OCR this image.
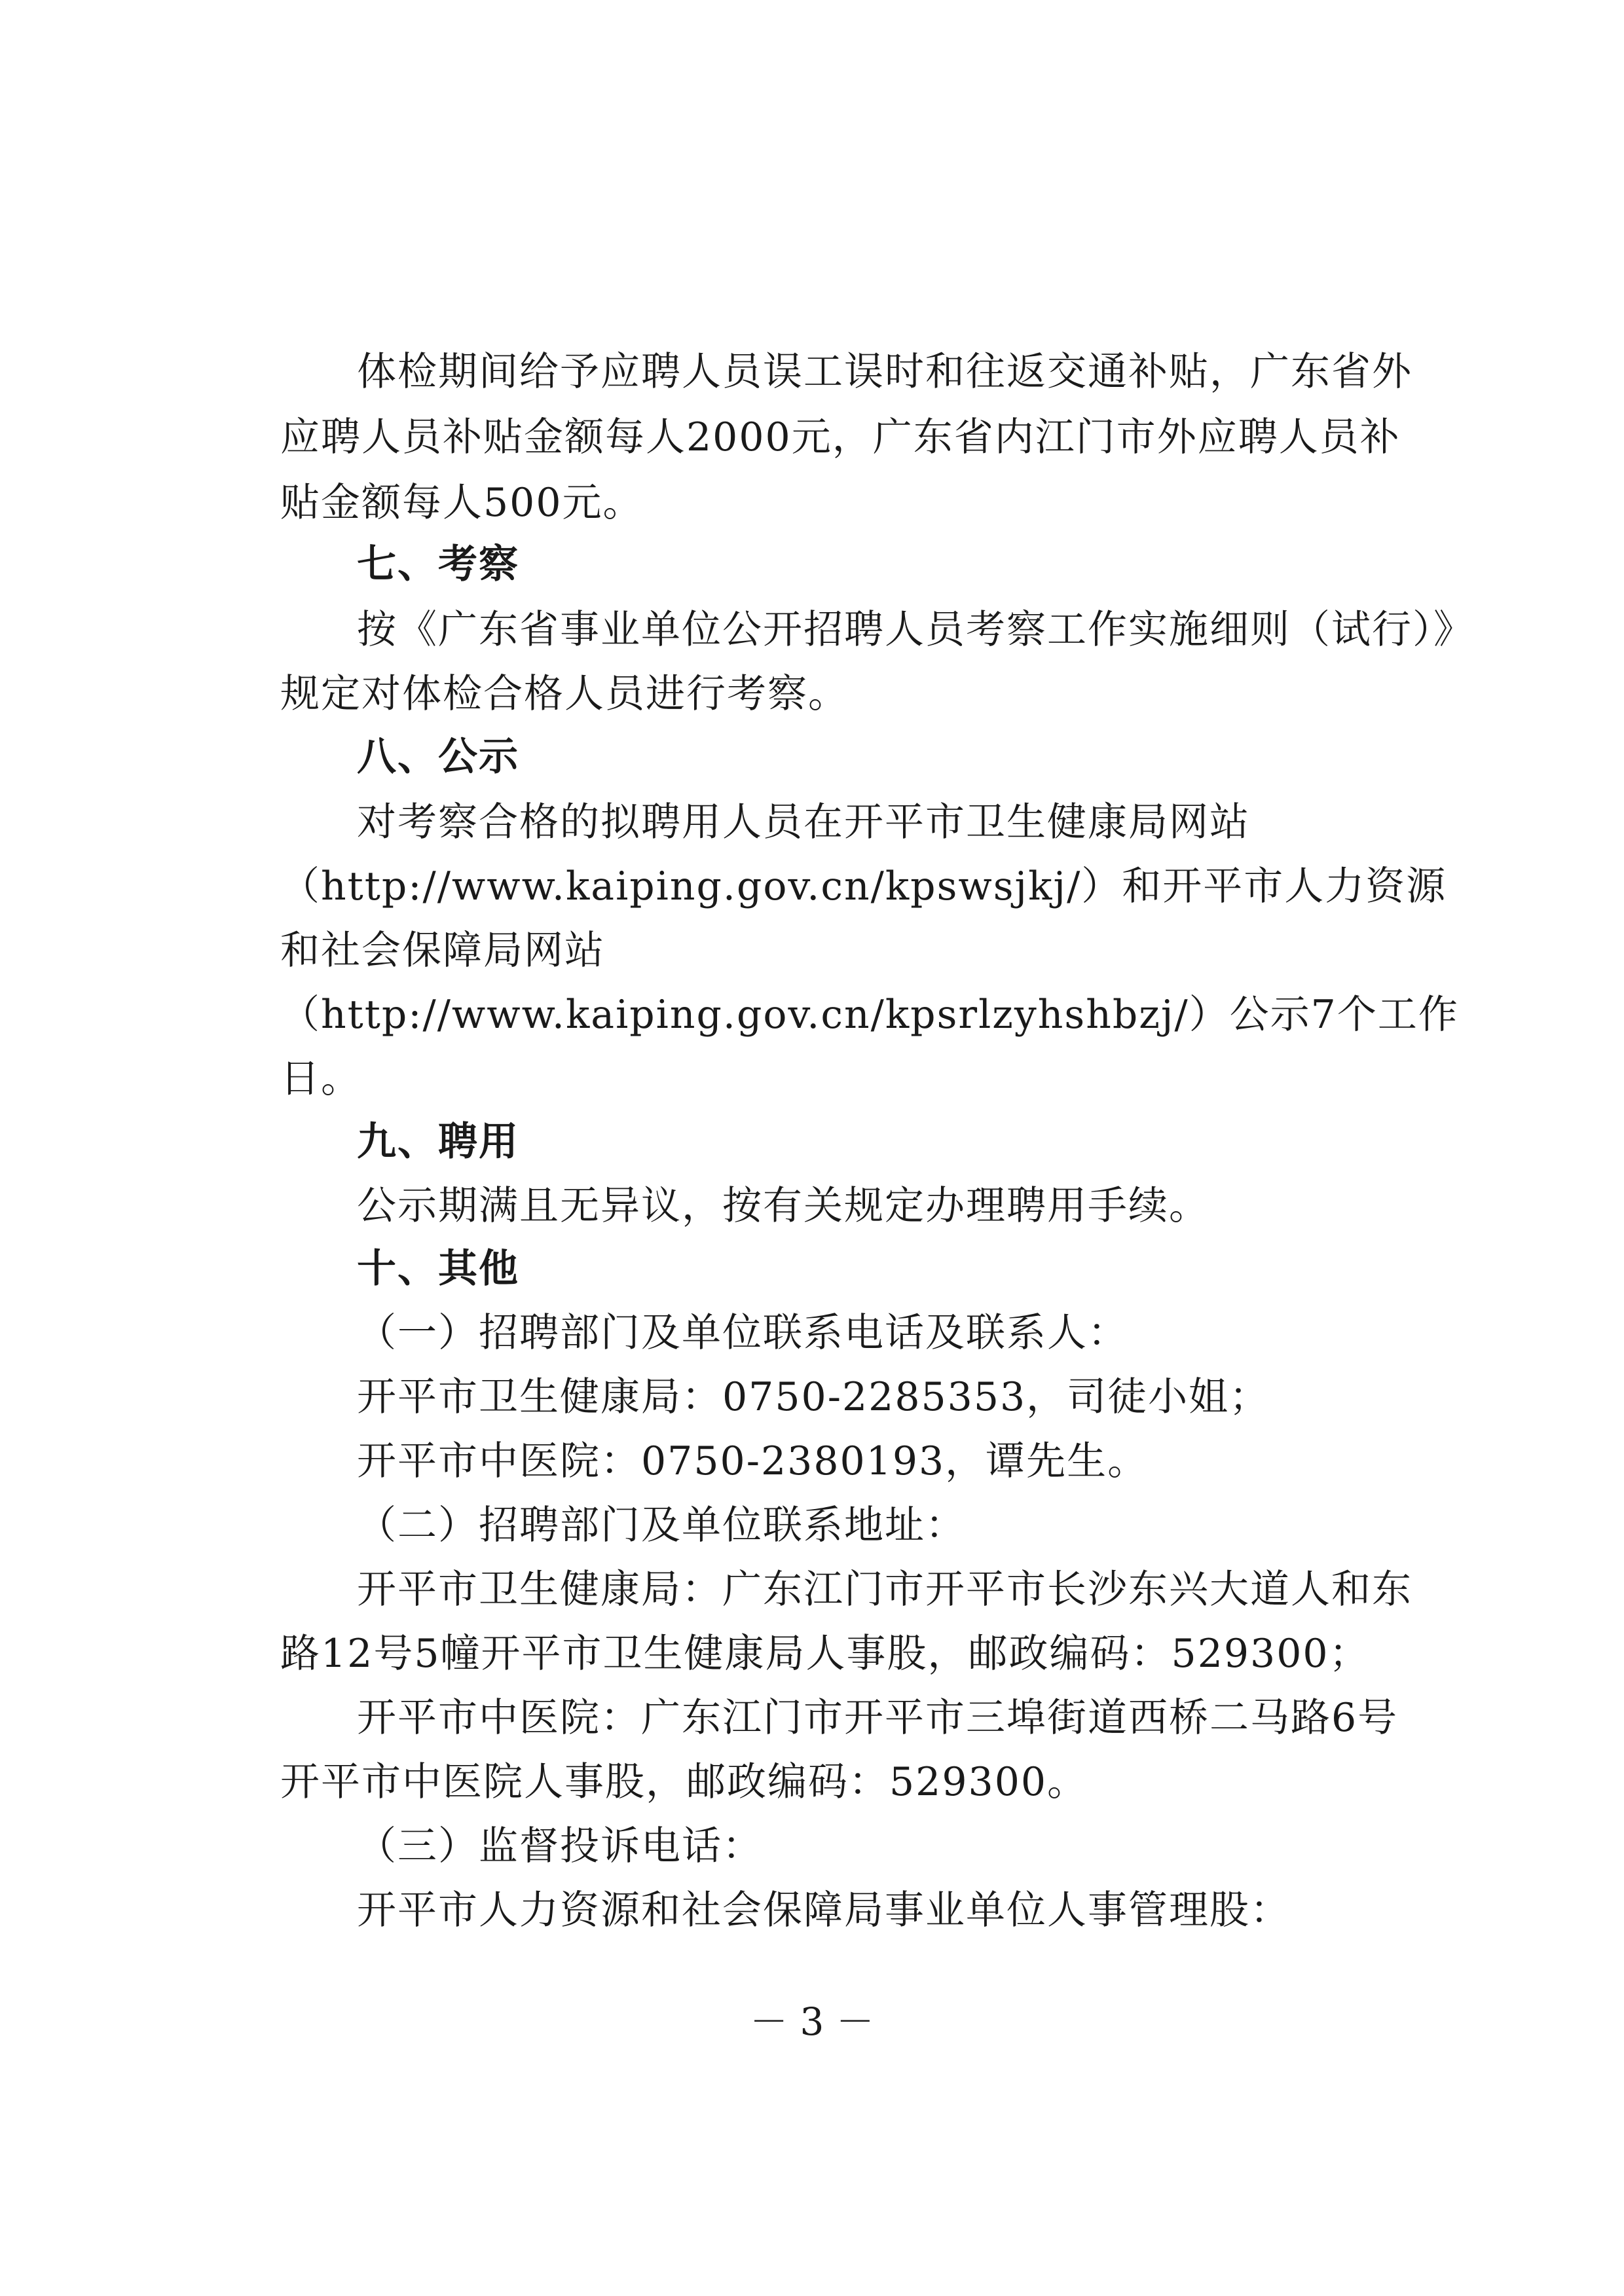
体检期间给予应聘人员误工误时和往返交通补贴，广东省外
应聘人员补贴金额每人2000元，广东省内江门市外应聘人员补
贴金额每人500元。
七、考察
按《广东省事业单位公开招聘人员考察工作实施细则（试行）》
规定对体检合格人员进行考察。
八、公示
对考察合格的拟聘用人员在开平市卫生健康局网站
（http://www.kaiping.gov.cn/kpswsjkj/）和开平市人力资源
和社会保障局网站
（http://www.kaiping.gov.cn/kpsrlzyhshbzj/）公示7个工作
日。
九、聘用
公示期满且无异议，按有关规定办理聘用手续。
十、其他
（一）招聘部门及单位联系电话及联系人：
开平市卫生健康局：0750-2285353，司徒小姐；
开平市中医院：0750-2380193，谭先生。
（二）招聘部门及单位联系地址：
开平市卫生健康局：广东江门市开平市长沙东兴大道人和东
路12号5幢开平市卫生健康局人事股，邮政编码：529300；
开平市中医院：广东江门市开平市三埠街道西桥二马路6号
开平市中医院人事股，邮政编码：529300。
（三）监督投诉电话：
开平市人力资源和社会保障局事业单位人事管理股：
－ 3 －
